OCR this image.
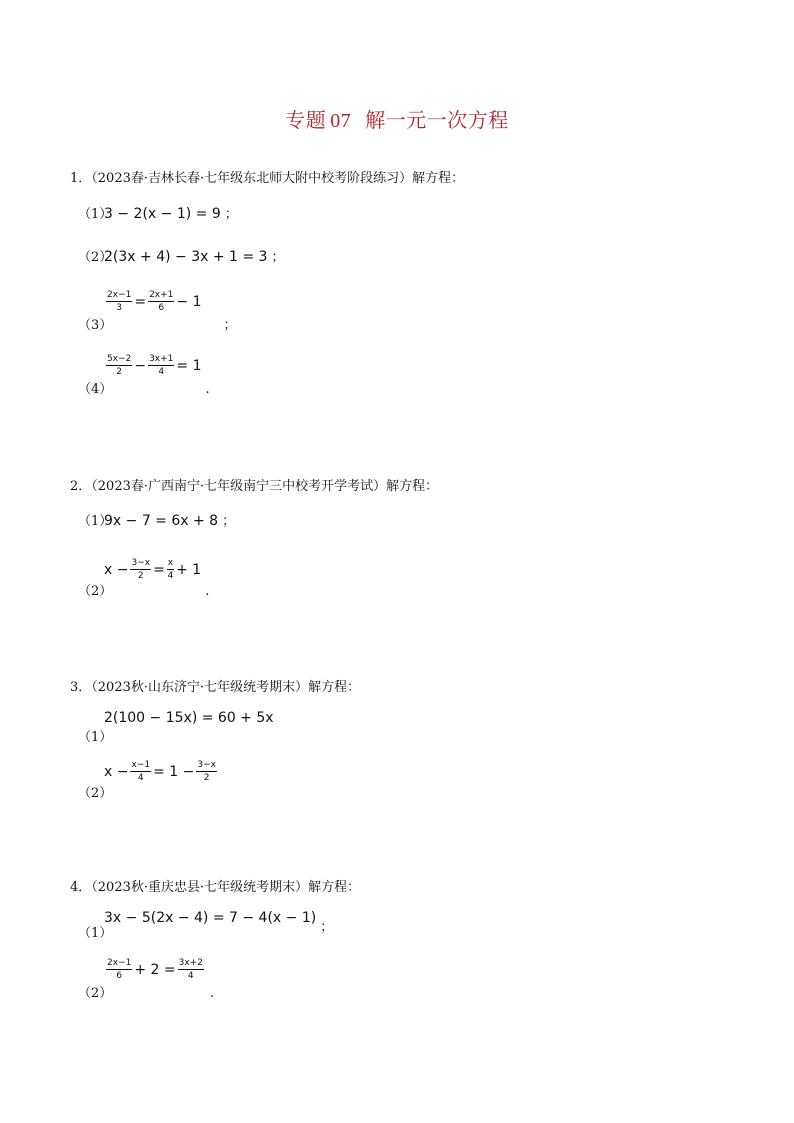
专题 07 解一元一次方程
1．（2023春·吉林长春·七年级东北师大附中校考阶段练习）解方程：
（1）
3 − 2(x − 1) = 9 ；
（2）
2(3x + 4) − 3x + 1 = 3 ；
（3）
$\frac{2x-1}{3} = \frac{2x+1}{6} - 1$
；
（4）
$\frac{5x-2}{2} - \frac{3x+1}{4} = 1$
.
2．（2023春·广西南宁·七年级南宁三中校考开学考试）解方程：
（1）
9x − 7 = 6x + 8 ；
（2）
$x - \frac{3-x}{2} = \frac{x}{4} + 1$
.
3．（2023秋·山东济宁·七年级统考期末）解方程：
（1）
2(100 − 15x) = 60 + 5x
（2）
$x - \frac{x-1}{4} = 1 - \frac{3-x}{2}$
4．（2023秋·重庆忠县·七年级统考期末）解方程：
（1）
3x − 5(2x − 4) = 7 − 4(x − 1)
；
（2）
$\frac{2x-1}{6} + 2 = \frac{3x+2}{4}$
.
